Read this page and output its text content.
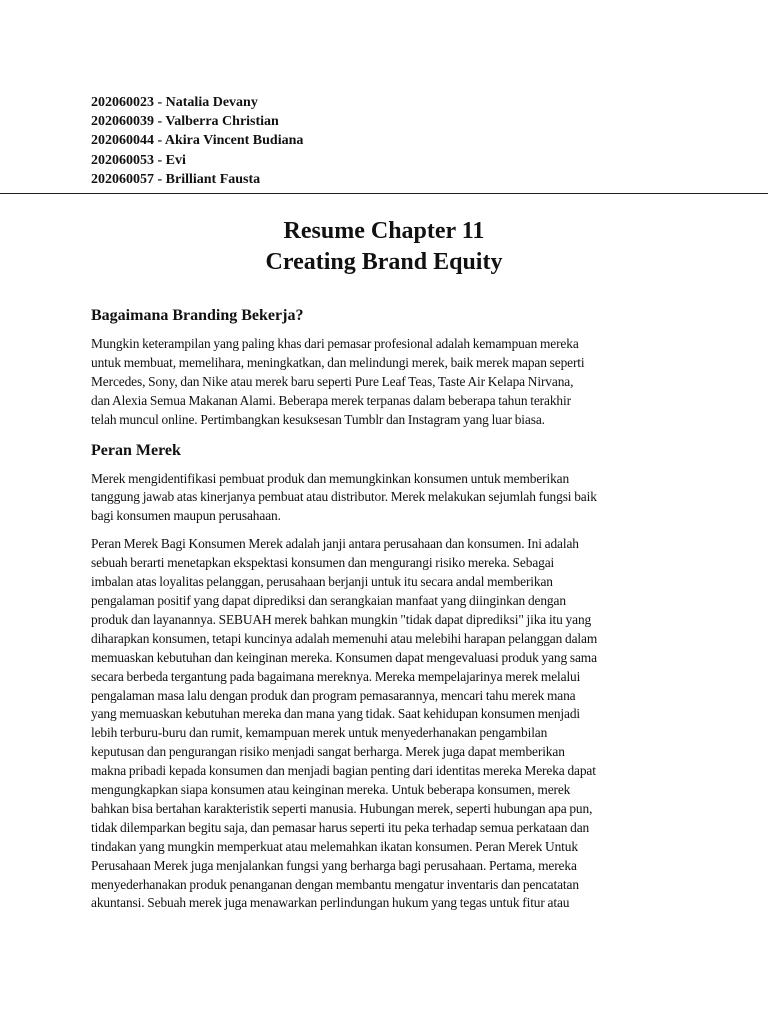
202060023 - Natalia Devany
202060039 - Valberra Christian
202060044 - Akira Vincent Budiana
202060053 - Evi
202060057 - Brilliant Fausta
Resume Chapter 11
Creating Brand Equity
Bagaimana Branding Bekerja?

Mungkin keterampilan yang paling khas dari pemasar profesional adalah kemampuan mereka
untuk membuat, memelihara, meningkatkan, dan melindungi merek, baik merek mapan seperti
Mercedes, Sony, dan Nike atau merek baru seperti Pure Leaf Teas, Taste Air Kelapa Nirvana,
dan Alexia Semua Makanan Alami. Beberapa merek terpanas dalam beberapa tahun terakhir
telah muncul online. Pertimbangkan kesuksesan Tumblr dan Instagram yang luar biasa.

Peran Merek

Merek mengidentifikasi pembuat produk dan memungkinkan konsumen untuk memberikan
tanggung jawab atas kinerjanya pembuat atau distributor. Merek melakukan sejumlah fungsi baik
bagi konsumen maupun perusahaan.

Peran Merek Bagi Konsumen Merek adalah janji antara perusahaan dan konsumen. Ini adalah
sebuah berarti menetapkan ekspektasi konsumen dan mengurangi risiko mereka. Sebagai
imbalan atas loyalitas pelanggan, perusahaan berjanji untuk itu secara andal memberikan
pengalaman positif yang dapat diprediksi dan serangkaian manfaat yang diinginkan dengan
produk dan layanannya. SEBUAH merek bahkan mungkin "tidak dapat diprediksi" jika itu yang
diharapkan konsumen, tetapi kuncinya adalah memenuhi atau melebihi harapan pelanggan dalam
memuaskan kebutuhan dan keinginan mereka. Konsumen dapat mengevaluasi produk yang sama
secara berbeda tergantung pada bagaimana mereknya. Mereka mempelajarinya merek melalui
pengalaman masa lalu dengan produk dan program pemasarannya, mencari tahu merek mana
yang memuaskan kebutuhan mereka dan mana yang tidak. Saat kehidupan konsumen menjadi
lebih terburu-buru dan rumit, kemampuan merek untuk menyederhanakan pengambilan
keputusan dan pengurangan risiko menjadi sangat berharga. Merek juga dapat memberikan
makna pribadi kepada konsumen dan menjadi bagian penting dari identitas mereka Mereka dapat
mengungkapkan siapa konsumen atau keinginan mereka. Untuk beberapa konsumen, merek
bahkan bisa bertahan karakteristik seperti manusia. Hubungan merek, seperti hubungan apa pun,
tidak dilemparkan begitu saja, dan pemasar harus seperti itu peka terhadap semua perkataan dan
tindakan yang mungkin memperkuat atau melemahkan ikatan konsumen. Peran Merek Untuk
Perusahaan Merek juga menjalankan fungsi yang berharga bagi perusahaan. Pertama, mereka
menyederhanakan produk penanganan dengan membantu mengatur inventaris dan pencatatan
akuntansi. Sebuah merek juga menawarkan perlindungan hukum yang tegas untuk fitur atau
